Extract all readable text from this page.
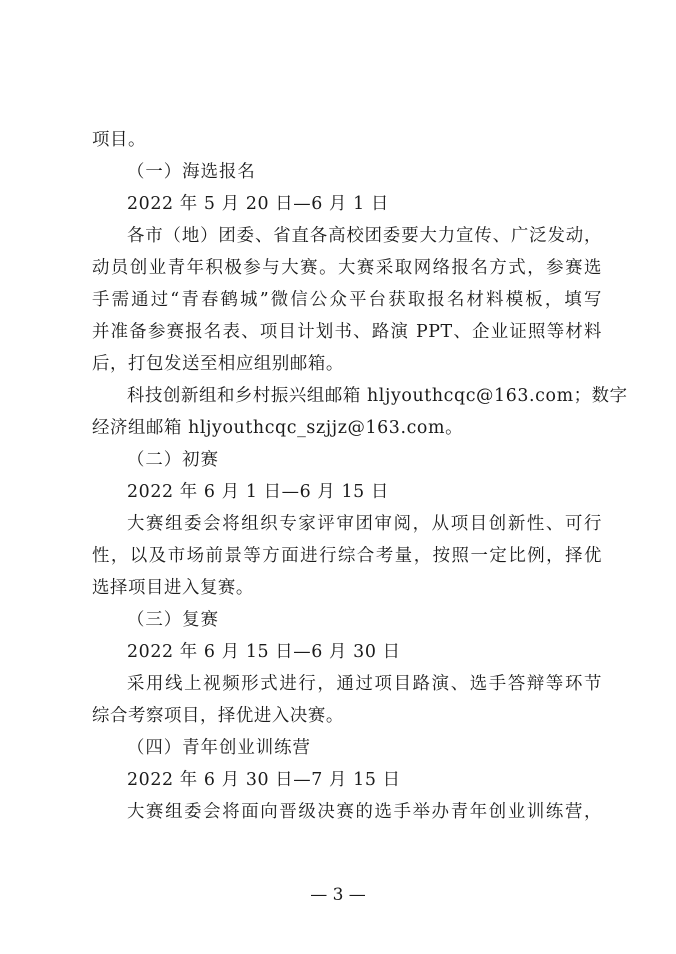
项目。
（一）海选报名
2022 年 5 月 20 日—6 月 1 日
各市（地）团委、省直各高校团委要大力宣传、广泛发动，
动员创业青年积极参与大赛。大赛采取网络报名方式，参赛选
手需通过“青春鹤城”微信公众平台获取报名材料模板，填写
并准备参赛报名表、项目计划书、路演 PPT、企业证照等材料
后，打包发送至相应组别邮箱。
科技创新组和乡村振兴组邮箱 hljyouthcqc@163.com；数字
经济组邮箱 hljyouthcqc_szjjz@163.com。
（二）初赛
2022 年 6 月 1 日—6 月 15 日
大赛组委会将组织专家评审团审阅，从项目创新性、可行
性，以及市场前景等方面进行综合考量，按照一定比例，择优
选择项目进入复赛。
（三）复赛
2022 年 6 月 15 日—6 月 30 日
采用线上视频形式进行，通过项目路演、选手答辩等环节
综合考察项目，择优进入决赛。
（四）青年创业训练营
2022 年 6 月 30 日—7 月 15 日
大赛组委会将面向晋级决赛的选手举办青年创业训练营，
— 3 —
